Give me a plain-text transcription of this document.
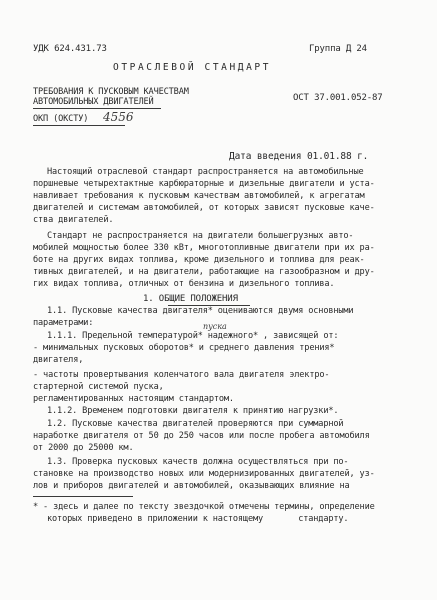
УДК 624.431.73	Группа Д 24
ОТРАСЛЕВОЙ СТАНДАРТ
ТРЕБОВАНИЯ К ПУСКОВЫМ КАЧЕСТВАМ
АВТОМОБИЛЬНЫХ ДВИГАТЕЛЕЙ
ОКП (ОКСТУ) 4556
ОСТ 37.001.052-87
Дата введения 01.01.88 г.
Настоящий отраслевой стандарт распространяется на автомобильные
поршневые четырехтактные карбюраторные и дизельные двигатели и уста-
навливает требования к пусковым качествам автомобилей, к агрегатам
двигателей и системам автомобилей, от которых зависят пусковые каче-
ства двигателей.
Стандарт не распространяется на двигатели большегрузных авто-
мобилей мощностью более 330 кВт, многотопливные двигатели при их ра-
боте на других видах топлива, кроме дизельного и топлива для реак-
тивных двигателей, и на двигатели, работающие на газообразном и дру-
гих видах топлива, отличных от бензина и дизельного топлива.
1. ОБЩИЕ ПОЛОЖЕНИЯ
1.1. Пусковые качества двигателя* оцениваются двумя основными
параметрами:	пуска
1.1.1. Предельной температурой* надежного* , зависящей от:
- минимальных пусковых оборотов* и среднего давления трения*
двигателя,
- частоты провертывания коленчатого вала двигателя электро-
стартерной системой пуска,
регламентированных настоящим стандартом.
1.1.2. Временем подготовки двигателя к принятию нагрузки*.
1.2. Пусковые качества двигателей проверяются при суммарной
наработке двигателя от 50 до 250 часов или после пробега автомобиля
от 2000 до 25000 км.
1.3. Проверка пусковых качеств должна осуществляться при по-
становке на производство новых или модернизированных двигателей, уз-
лов и приборов двигателей и автомобилей, оказывающих влияние на
* - здесь и далее по тексту звездочкой отмечены термины, определение
которых приведено в приложении к настоящему       стандарту.
